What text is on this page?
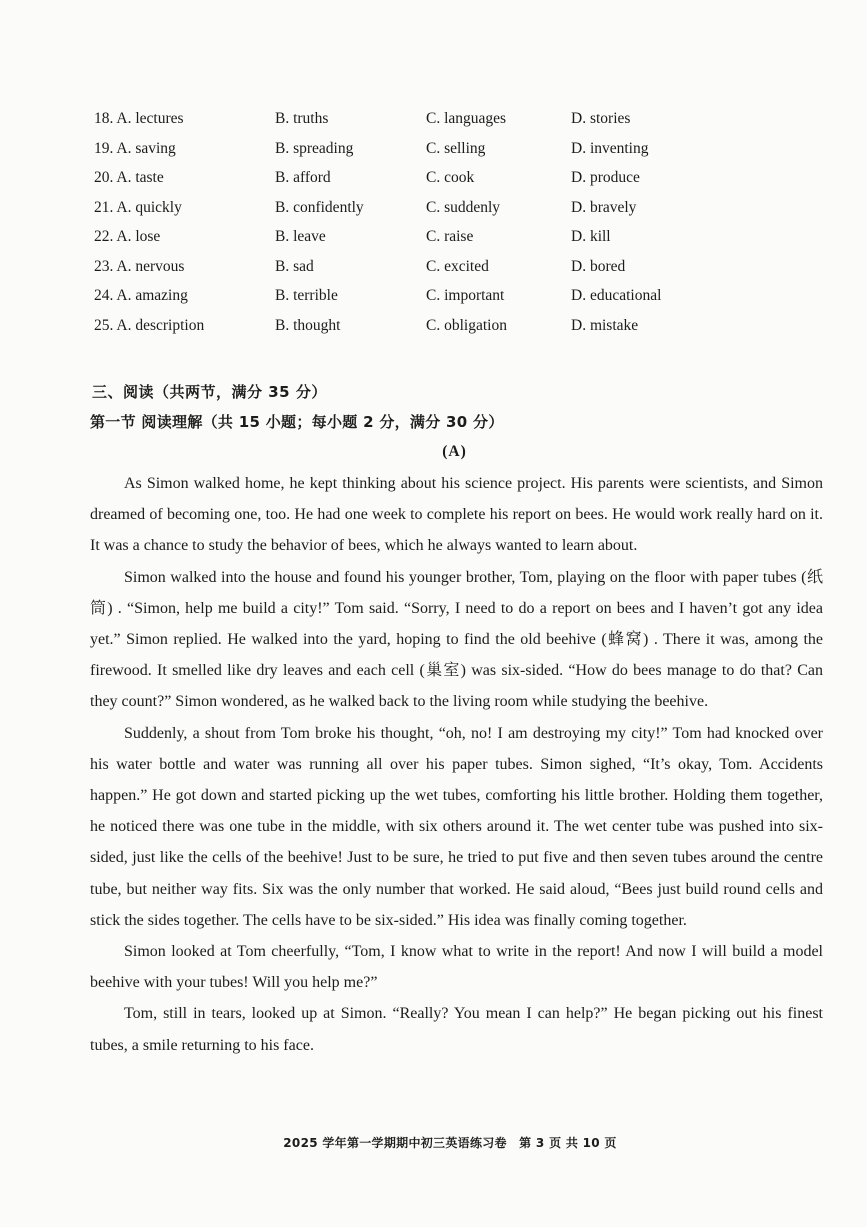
18. A. lectures	B. truths	C. languages	D. stories
19. A. saving	B. spreading	C. selling	D. inventing
20. A. taste	B. afford	C. cook	D. produce
21. A. quickly	B. confidently	C. suddenly	D. bravely
22. A. lose	B. leave	C. raise	D. kill
23. A. nervous	B. sad	C. excited	D. bored
24. A. amazing	B. terrible	C. important	D. educational
25. A. description	B. thought	C. obligation	D. mistake
三、阅读（共两节，满分 35 分）
第一节 阅读理解（共 15 小题；每小题 2 分，满分 30 分）
(A)

As Simon walked home, he kept thinking about his science project. His parents were scientists, and Simon dreamed of becoming one, too. He had one week to complete his report on bees. He would work really hard on it. It was a chance to study the behavior of bees, which he always wanted to learn about.

Simon walked into the house and found his younger brother, Tom, playing on the floor with paper tubes (纸筒) . “Simon, help me build a city!” Tom said. “Sorry, I need to do a report on bees and I haven’t got any idea yet.” Simon replied. He walked into the yard, hoping to find the old beehive (蜂窝) . There it was, among the firewood. It smelled like dry leaves and each cell (巢室) was six-sided. “How do bees manage to do that? Can they count?” Simon wondered, as he walked back to the living room while studying the beehive.

Suddenly, a shout from Tom broke his thought, “oh, no! I am destroying my city!” Tom had knocked over his water bottle and water was running all over his paper tubes. Simon sighed, “It’s okay, Tom. Accidents happen.” He got down and started picking up the wet tubes, comforting his little brother. Holding them together, he noticed there was one tube in the middle, with six others around it. The wet center tube was pushed into six-sided, just like the cells of the beehive! Just to be sure, he tried to put five and then seven tubes around the centre tube, but neither way fits. Six was the only number that worked. He said aloud, “Bees just build round cells and stick the sides together. The cells have to be six-sided.” His idea was finally coming together.

Simon looked at Tom cheerfully, “Tom, I know what to write in the report! And now I will build a model beehive with your tubes! Will you help me?”

Tom, still in tears, looked up at Simon. “Really? You mean I can help?” He began picking out his finest tubes, a smile returning to his face.

2025 学年第一学期期中初三英语练习卷　第 3 页 共 10 页
